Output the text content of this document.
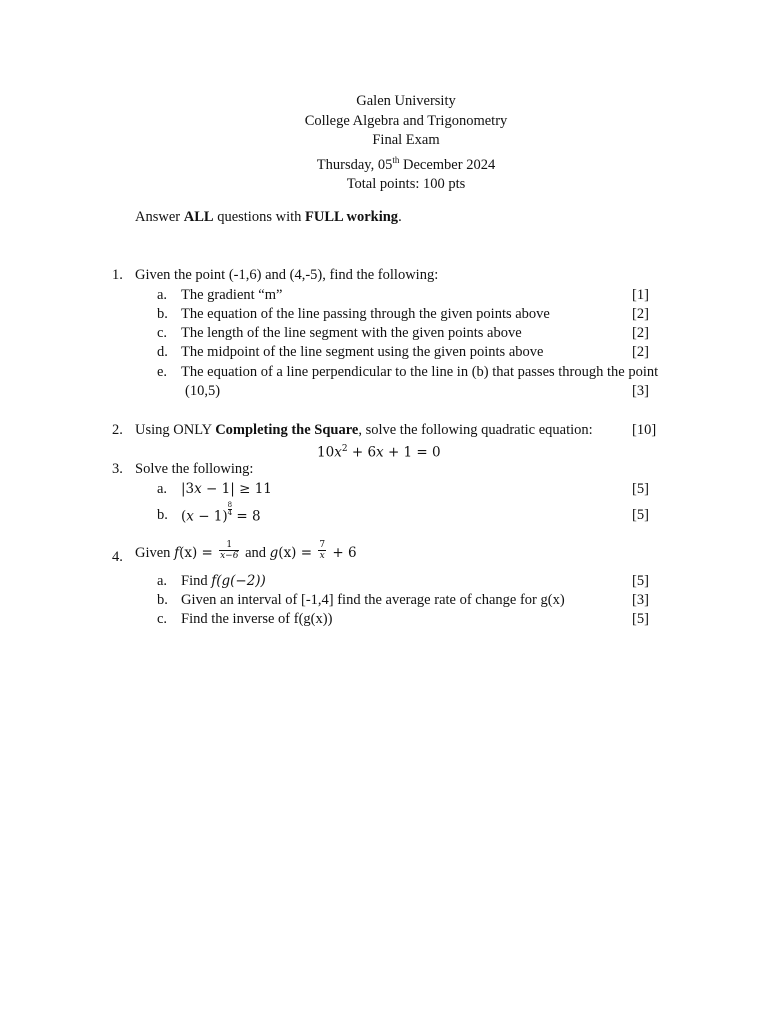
Galen University
College Algebra and Trigonometry
Final Exam
Thursday, 05th December 2024
Total points: 100 pts
Answer ALL questions with FULL working.
1. Given the point (-1,6) and (4,-5), find the following:
a. The gradient “m”	[1]
b. The equation of the line passing through the given points above	[2]
c. The length of the line segment with the given points above	[2]
d. The midpoint of the line segment using the given points above	[2]
e. The equation of a line perpendicular to the line in (b) that passes through the point
(10,5)	[3]
2. Using ONLY Completing the Square, solve the following quadratic equation:	[10]
$10x^2 + 6x + 1 = 0$
3. Solve the following:
a. |3x − 1| ≥ 11	[5]
b. $(x - 1) \frac{8}{4} = 8$	[5]
4. Given $f(x) = \frac{1}{x-6}$ and $g(x) = \frac{7}{x} + 6$
a. Find f(g(−2))	[5]
b. Given an interval of [-1,4] find the average rate of change for g(x)	[3]
c. Find the inverse of f(g(x))	[5]
